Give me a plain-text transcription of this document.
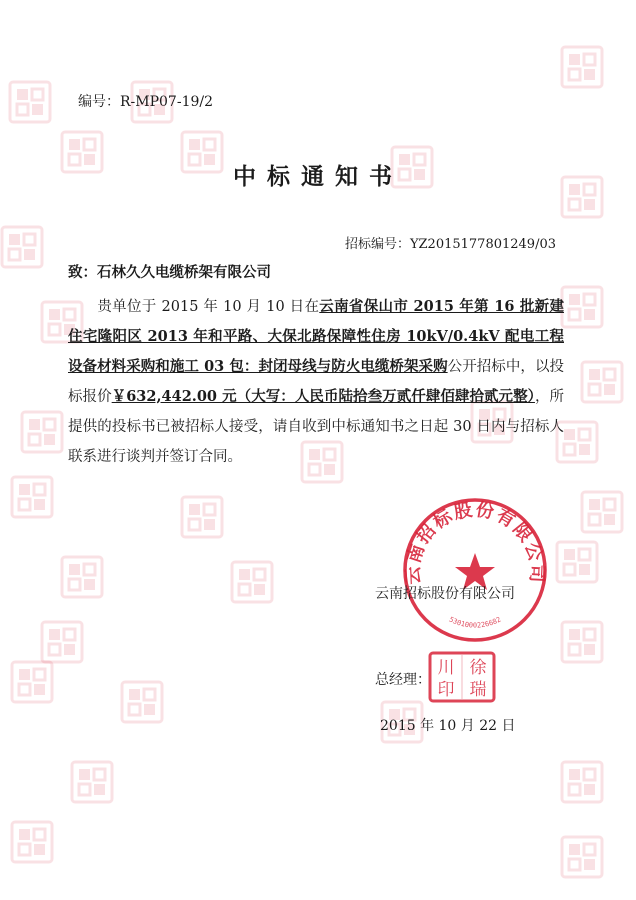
编号：R-MP07-19/2
中标通知书
招标编号：YZ2015177801249/03
致：石林久久电缆桥架有限公司
贵单位于 2015 年 10 月 10 日在云南省保山市 2015 年第 16 批新建住宅隆阳区 2013 年和平路、大保北路保障性住房 10kV/0.4kV 配电工程设备材料采购和施工 03 包：封闭母线与防火电缆桥架采购公开招标中，以投标报价￥632,442.00 元（大写：人民币陆拾叁万贰仟肆佰肆拾贰元整），所提供的投标书已被招标人接受，请自收到中标通知书之日起 30 日内与招标人联系进行谈判并签订合同。
云南招标股份有限公司
5301000226682
云南招标股份有限公司
总经理：
徐
川
瑞
印
2015 年 10 月 22 日
